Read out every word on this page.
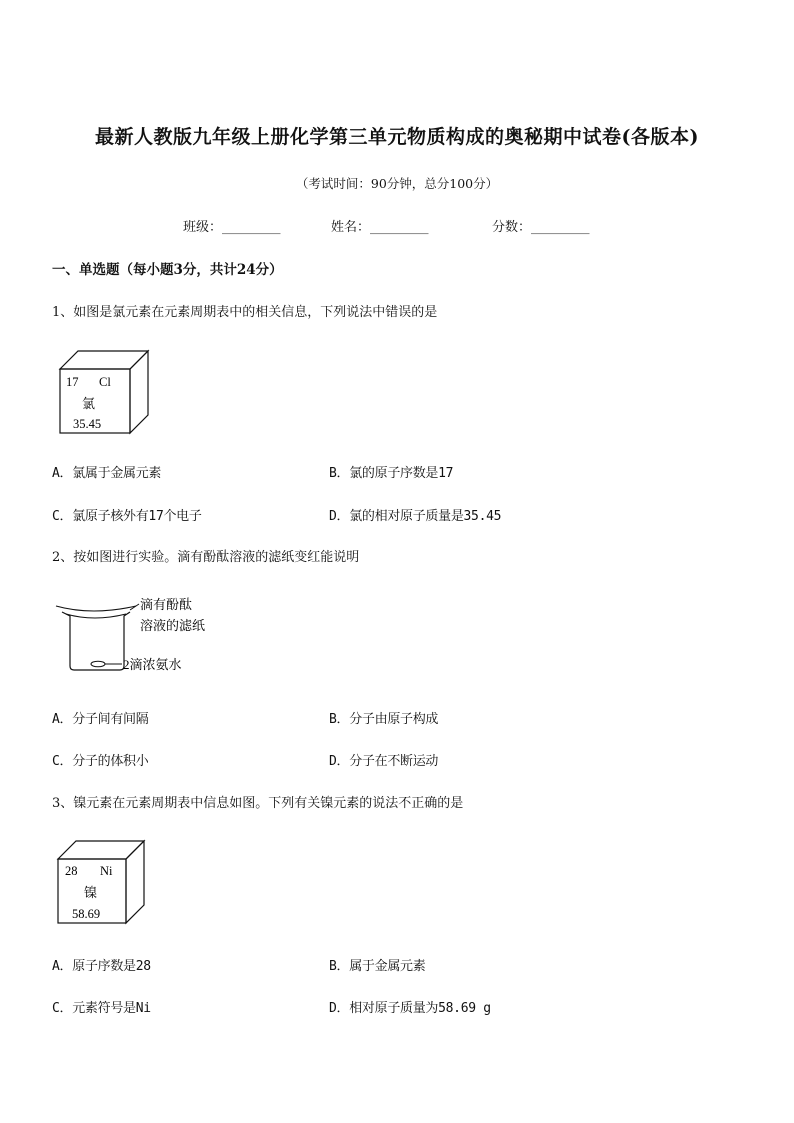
最新人教版九年级上册化学第三单元物质构成的奥秘期中试卷(各版本)
（考试时间：90分钟，总分100分）
班级：_________	姓名：_________	分数：_________
一、单选题（每小题3分，共计24分）
1、如图是氯元素在元素周期表中的相关信息，下列说法中错误的是
17 Cl
氯
35.45
A．氯属于金属元素	B．氯的原子序数是17
C．氯原子核外有17个电子	D．氯的相对原子质量是35.45
2、按如图进行实验。滴有酚酞溶液的滤纸变红能说明
滴有酚酞
溶液的滤纸
2滴浓氨水
A．分子间有间隔	B．分子由原子构成
C．分子的体积小	D．分子在不断运动
3、镍元素在元素周期表中信息如图。下列有关镍元素的说法不正确的是
28 Ni
镍
58.69
A．原子序数是28	B．属于金属元素
C．元素符号是Ni	D．相对原子质量为58.69 g
